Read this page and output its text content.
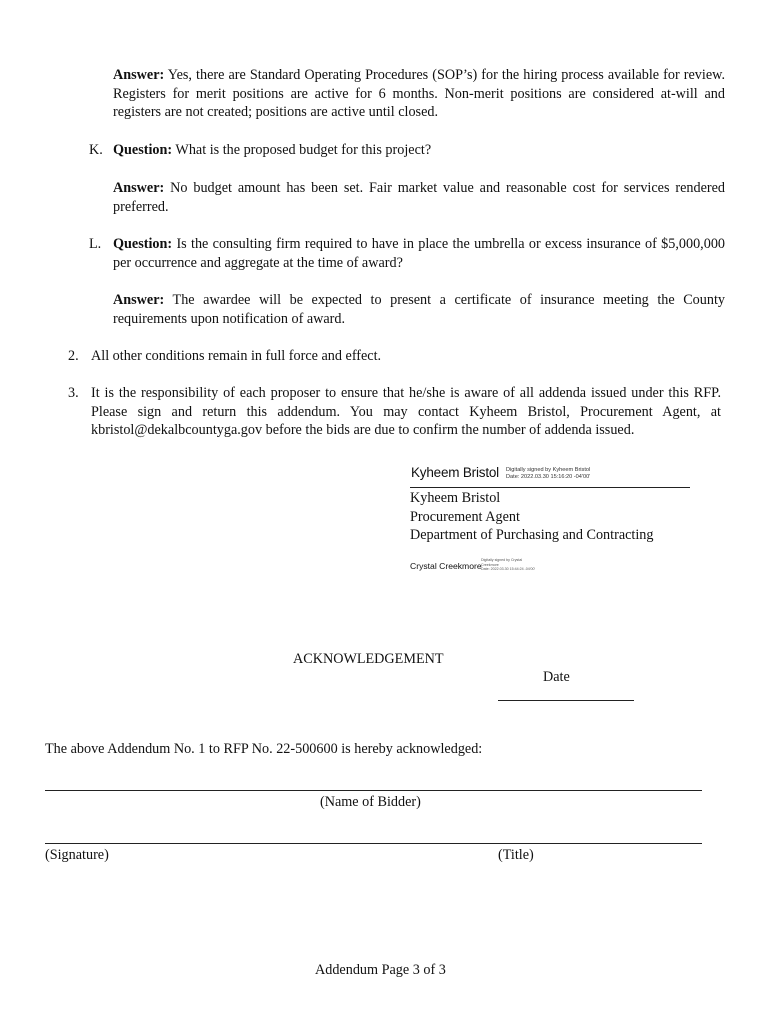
Answer: Yes, there are Standard Operating Procedures (SOP’s) for the hiring process available for review. Registers for merit positions are active for 6 months. Non-merit positions are considered at-will and registers are not created; positions are active until closed.
K. Question: What is the proposed budget for this project?
Answer: No budget amount has been set. Fair market value and reasonable cost for services rendered preferred.
L. Question: Is the consulting firm required to have in place the umbrella or excess insurance of $5,000,000 per occurrence and aggregate at the time of award?
Answer: The awardee will be expected to present a certificate of insurance meeting the County requirements upon notification of award.
2. All other conditions remain in full force and effect.
3. It is the responsibility of each proposer to ensure that he/she is aware of all addenda issued under this RFP. Please sign and return this addendum. You may contact Kyheem Bristol, Procurement Agent, at kbristol@dekalbcountyga.gov before the bids are due to confirm the number of addenda issued.
Kyheem Bristol Digitally signed by Kyheem Bristol
Date: 2022.03.30 15:16:20 -04'00'
Kyheem Bristol
Procurement Agent
Department of Purchasing and Contracting
Crystal Creekmore
Digitally signed by Crystal
Creekmore
Date: 2022.03.30 15:44:24 -04'00'
ACKNOWLEDGEMENT
Date
The above Addendum No. 1 to RFP No. 22-500600 is hereby acknowledged:
(Name of Bidder)
(Signature)	(Title)
Addendum Page 3 of 3
